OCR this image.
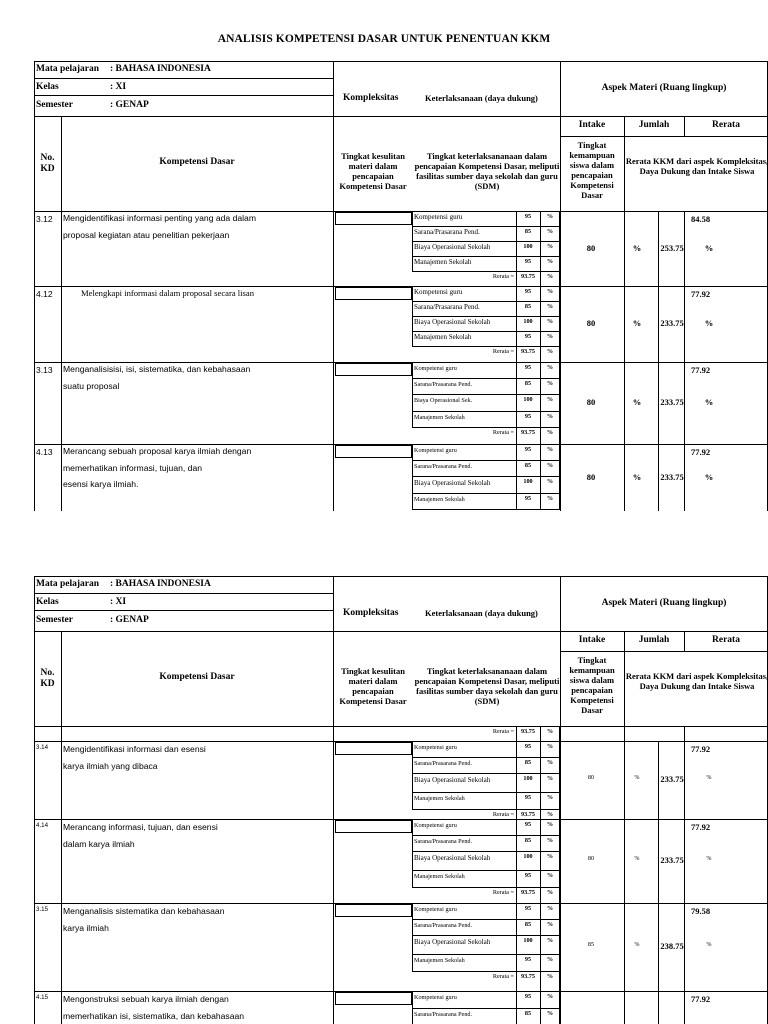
ANALISIS KOMPETENSI DASAR UNTUK PENENTUAN KKM
Mata pelajaran : BAHASA INDONESIA
Kelas	: XI
Semester	: GENAP
Kompleksitas	Keterlaksanaan (daya dukung)
Aspek Materi (Ruang lingkup)
Intake	Jumlah	Rerata
No. KD
Kompetensi Dasar
Tingkat kesulitan materi dalam pencapaian Kompetensi Dasar
Tingkat keterlaksananaan dalam pencapaian Kompetensi Dasar, meliputi fasilitas sumber daya sekolah dan guru (SDM)
Tingkat kemampuan siswa dalam pencapaian Kompetensi Dasar
Rerata KKM dari aspek Kompleksitas, Daya Dukung dan Intake Siswa
3.12 Mengidentifikasi informasi penting yang ada dalam
proposal kegiatan atau penelitian pekerjaan
80	%	253.75	%
84.58
Kompetensi guru	95	%
Sarana/Prasarana Pend.	85	%
Biaya Operasional Sekolah	100	%
Manajemen Sekolah	95	%
Rerata =	93.75	%
4.12	Melengkapi informasi dalam proposal secara lisan
80	%	233.75	%
77.92
Kompetensi guru	95	%
Sarana/Prasarana Pend.	85	%
Biaya Operasional Sekolah	100	%
Manajemen Sekolah	95	%
Rerata =	93.75	%
3.13 Menganalisisisi, isi, sistematika, dan kebahasaan
suatu proposal
80	%	233.75	%
77.92
Kompetensi guru	95	%
Sarana/Prasarana Pend.	85	%
Biaya Operasional Sek.	100	%
Manajemen Sekolah	95	%
Rerata =	93.75	%
4.13 Merancang sebuah proposal karya ilmiah dengan
memerhatikan informasi, tujuan, dan
esensi karya ilmiah.
80	%	233.75	%
77.92
Kompetensi guru	95	%
Sarana/Prasarana Pend.	85	%
Biaya Operasional Sekolah	100	%
Manajemen Sekolah	95	%
Mata pelajaran : BAHASA INDONESIA
Kelas	: XI
Semester	: GENAP
Kompleksitas	Keterlaksanaan (daya dukung)
Aspek Materi (Ruang lingkup)
Intake	Jumlah	Rerata
No. KD
Kompetensi Dasar
Tingkat kesulitan materi dalam pencapaian Kompetensi Dasar
Tingkat keterlaksananaan dalam pencapaian Kompetensi Dasar, meliputi fasilitas sumber daya sekolah dan guru (SDM)
Tingkat kemampuan siswa dalam pencapaian Kompetensi Dasar
Rerata KKM dari aspek Kompleksitas, Daya Dukung dan Intake Siswa
Rerata =	93.75	%
3.14 Mengidentifikasi informasi dan esensi
karya ilmiah yang dibaca
80	%	233.75	%
77.92
Kompetensi guru	95	%
Sarana/Prasarana Pend.	85	%
Biaya Operasional Sekolah	100	%
Manajemen Sekolah	95	%
Rerata =	93.75	%
4.14 Merancang informasi, tujuan, dan esensi
dalam karya ilmiah
80	%	233.75	%
77.92
Kompetensi guru	95	%
Sarana/Prasarana Pend.	85	%
Biaya Operasional Sekolah	100	%
Manajemen Sekolah	95	%
Rerata =	93.75	%
3.15 Menganalisis sistematika dan kebahasaan
karya ilmiah
85	%	238.75	%
79.58
Kompetensi guru	95	%
Sarana/Prasarana Pend.	85	%
Biaya Operasional Sekolah	100	%
Manajemen Sekolah	95	%
Rerata =	93.75	%
4.15 Mengonstruksi sebuah karya ilmiah dengan
memerhatikan isi, sistematika, dan kebahasaan
77.92
Kompetensi guru	95	%
Sarana/Prasarana Pend.	85	%
